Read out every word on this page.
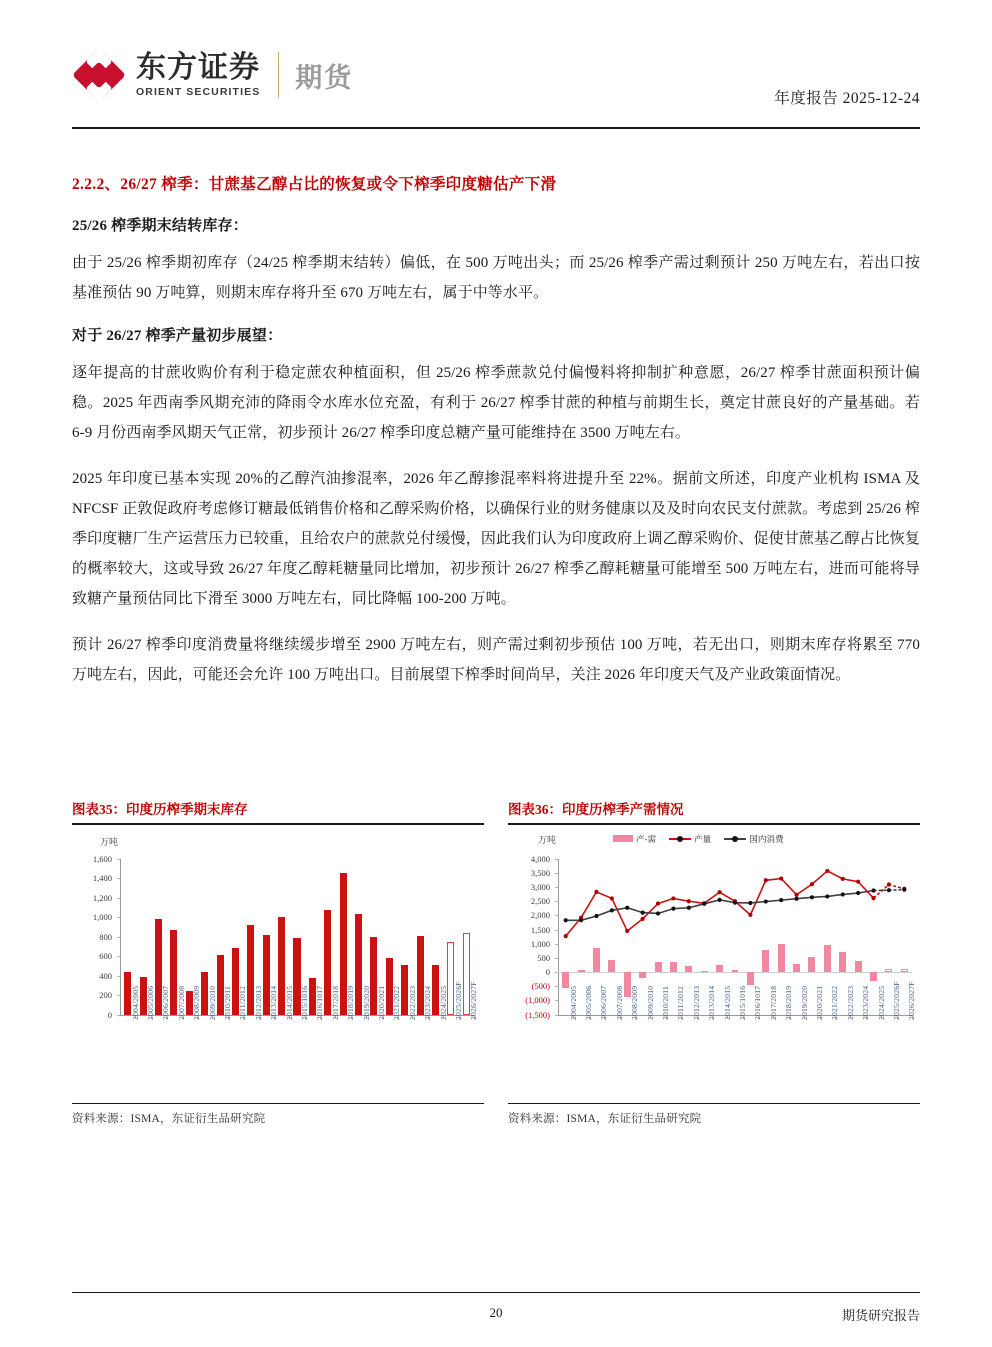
东方证券
ORIENT SECURITIES 期货
年度报告 2025-12-24
2.2.2、26/27 榨季：甘蔗基乙醇占比的恢复或令下榨季印度糖估产下滑

25/26 榨季期末结转库存：

由于 25/26 榨季期初库存（24/25 榨季期末结转）偏低，在 500 万吨出头；而 25/26 榨季产需过剩预计 250 万吨左右，若出口按基准预估 90 万吨算，则期末库存将升至 670 万吨左右，属于中等水平。

对于 26/27 榨季产量初步展望：

逐年提高的甘蔗收购价有利于稳定蔗农种植面积，但 25/26 榨季蔗款兑付偏慢料将抑制扩种意愿，26/27 榨季甘蔗面积预计偏稳。2025 年西南季风期充沛的降雨令水库水位充盈，有利于 26/27 榨季甘蔗的种植与前期生长，奠定甘蔗良好的产量基础。若 6-9 月份西南季风期天气正常，初步预计 26/27 榨季印度总糖产量可能维持在 3500 万吨左右。

2025 年印度已基本实现 20%的乙醇汽油掺混率，2026 年乙醇掺混率料将进提升至 22%。据前文所述，印度产业机构 ISMA 及 NFCSF 正敦促政府考虑修订糖最低销售价格和乙醇采购价格，以确保行业的财务健康以及及时向农民支付蔗款。考虑到 25/26 榨季印度糖厂生产运营压力已较重，且给农户的蔗款兑付缓慢，因此我们认为印度政府上调乙醇采购价、促使甘蔗基乙醇占比恢复的概率较大，这或导致 26/27 年度乙醇耗糖量同比增加，初步预计 26/27 榨季乙醇耗糖量可能增至 500 万吨左右，进而可能将导致糖产量预估同比下滑至 3000 万吨左右，同比降幅 100-200 万吨。

预计 26/27 榨季印度消费量将继续缓步增至 2900 万吨左右，则产需过剩初步预估 100 万吨，若无出口，则期末库存将累至 770 万吨左右，因此，可能还会允许 100 万吨出口。目前展望下榨季时间尚早，关注 2026 年印度天气及产业政策面情况。

图表35：印度历榨季期末库存
万吨
0
200
400
600
800
1,000
1,200
1,400
1,600
2004/2005 2005/2006 2006/2007 2007/2008 2008/2009 2009/2010 2010/2011 2011/2012 2012/2013 2013/2014 2014/2015 2015/1016 2016/1017 2017/2018 2018/2019 2019/2020 2020/2021 2021/2022 2022/2023 2023/2024 2024/2025 2025/2026F 2026/2027F
资料来源：ISMA，东证衍生品研究院
图表36：印度历榨季产需情况
万吨	产-需	产量	国内消费
(1,500)
(1,000)
(500)
0
500
1,000
1,500
2,000
2,500
3,000
3,500
4,000
2004/2005 2005/2006 2006/2007 2007/2008 2008/2009 2009/2010 2010/2011 2011/2012 2012/2013 2013/2014 2014/2015 2015/1016 2016/1017 2017/2018 2018/2019 2019/2020 2020/2021 2021/2022 2022/2023 2023/2024 2024/2025 2025/2026F 2026/2027F
资料来源：ISMA，东证衍生品研究院
20	期货研究报告
